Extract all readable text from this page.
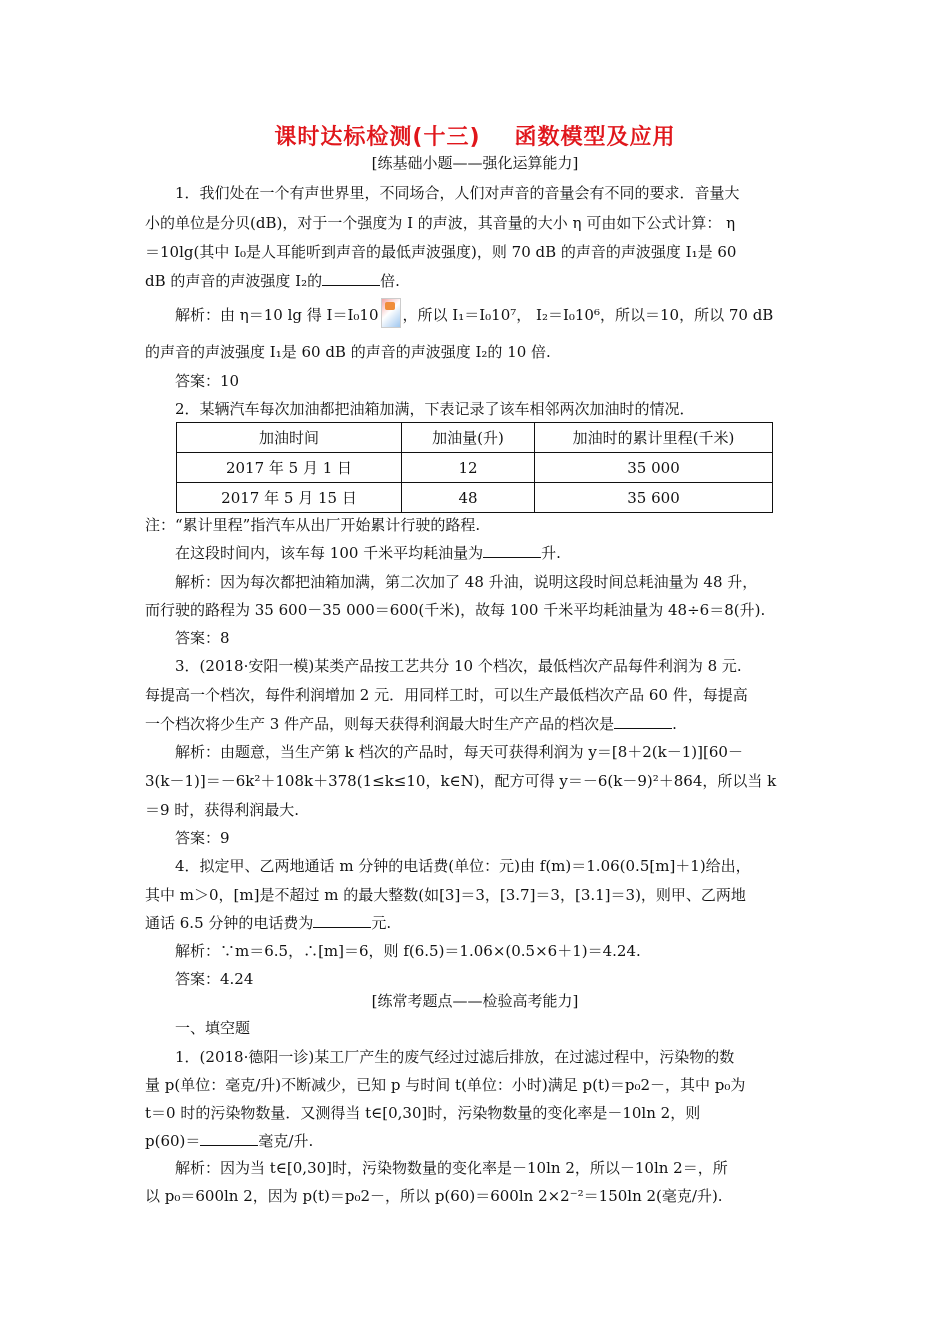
课时达标检测(十三) 函数模型及应用
[练基础小题——强化运算能力]
1．我们处在一个有声世界里，不同场合，人们对声音的音量会有不同的要求．音量大
小的单位是分贝(dB)，对于一个强度为 I 的声波，其音量的大小 η 可由如下公式计算： η
＝10lg(其中 I₀是人耳能听到声音的最低声波强度)，则 70 dB 的声音的声波强度 I₁是 60
dB 的声音的声波强度 I₂的	倍.
解析：由 η＝10 lg 得 I＝I₀10 ，所以 I₁＝I₀10⁷， I₂＝I₀10⁶，所以＝10，所以 70 dB
的声音的声波强度 I₁是 60 dB 的声音的声波强度 I₂的 10 倍.
答案：10
2．某辆汽车每次加油都把油箱加满，下表记录了该车相邻两次加油时的情况．
加油时间	加油量(升)	加油时的累计里程(千米)
2017 年 5 月 1 日	12	35 000
2017 年 5 月 15 日	48	35 600
注：“累计里程”指汽车从出厂开始累计行驶的路程.
在这段时间内，该车每 100 千米平均耗油量为	升.
解析：因为每次都把油箱加满，第二次加了 48 升油，说明这段时间总耗油量为 48 升，
而行驶的路程为 35 600－35 000＝600(千米)，故每 100 千米平均耗油量为 48÷6＝8(升).
答案：8
3．(2018·安阳一模)某类产品按工艺共分 10 个档次，最低档次产品每件利润为 8 元.
每提高一个档次，每件利润增加 2 元．用同样工时，可以生产最低档次产品 60 件，每提高
一个档次将少生产 3 件产品，则每天获得利润最大时生产产品的档次是	.
解析：由题意，当生产第 k 档次的产品时，每天可获得利润为 y＝[8＋2(k－1)][60－
3(k－1)]＝－6k²＋108k＋378(1≤k≤10，k∈N)，配方可得 y＝－6(k－9)²＋864，所以当 k
＝9 时，获得利润最大.
答案：9
4．拟定甲、乙两地通话 m 分钟的电话费(单位：元)由 f(m)＝1.06(0.5[m]＋1)给出，
其中 m＞0，[m]是不超过 m 的最大整数(如[3]＝3，[3.7]＝3，[3.1]＝3)，则甲、乙两地
通话 6.5 分钟的电话费为	元.
解析：∵m＝6.5，∴[m]＝6，则 f(6.5)＝1.06×(0.5×6＋1)＝4.24.
答案：4.24
[练常考题点——检验高考能力]
一、填空题
1．(2018·德阳一诊)某工厂产生的废气经过过滤后排放，在过滤过程中，污染物的数
量 p(单位：毫克/升)不断减少，已知 p 与时间 t(单位：小时)满足 p(t)＝p₀2－，其中 p₀为
t＝0 时的污染物数量．又测得当 t∈[0,30]时，污染物数量的变化率是－10ln 2，则
p(60)＝	毫克/升.
解析：因为当 t∈[0,30]时，污染物数量的变化率是－10ln 2，所以－10ln 2＝，所
以 p₀＝600ln 2，因为 p(t)＝p₀2－，所以 p(60)＝600ln 2×2⁻²＝150ln 2(毫克/升).
